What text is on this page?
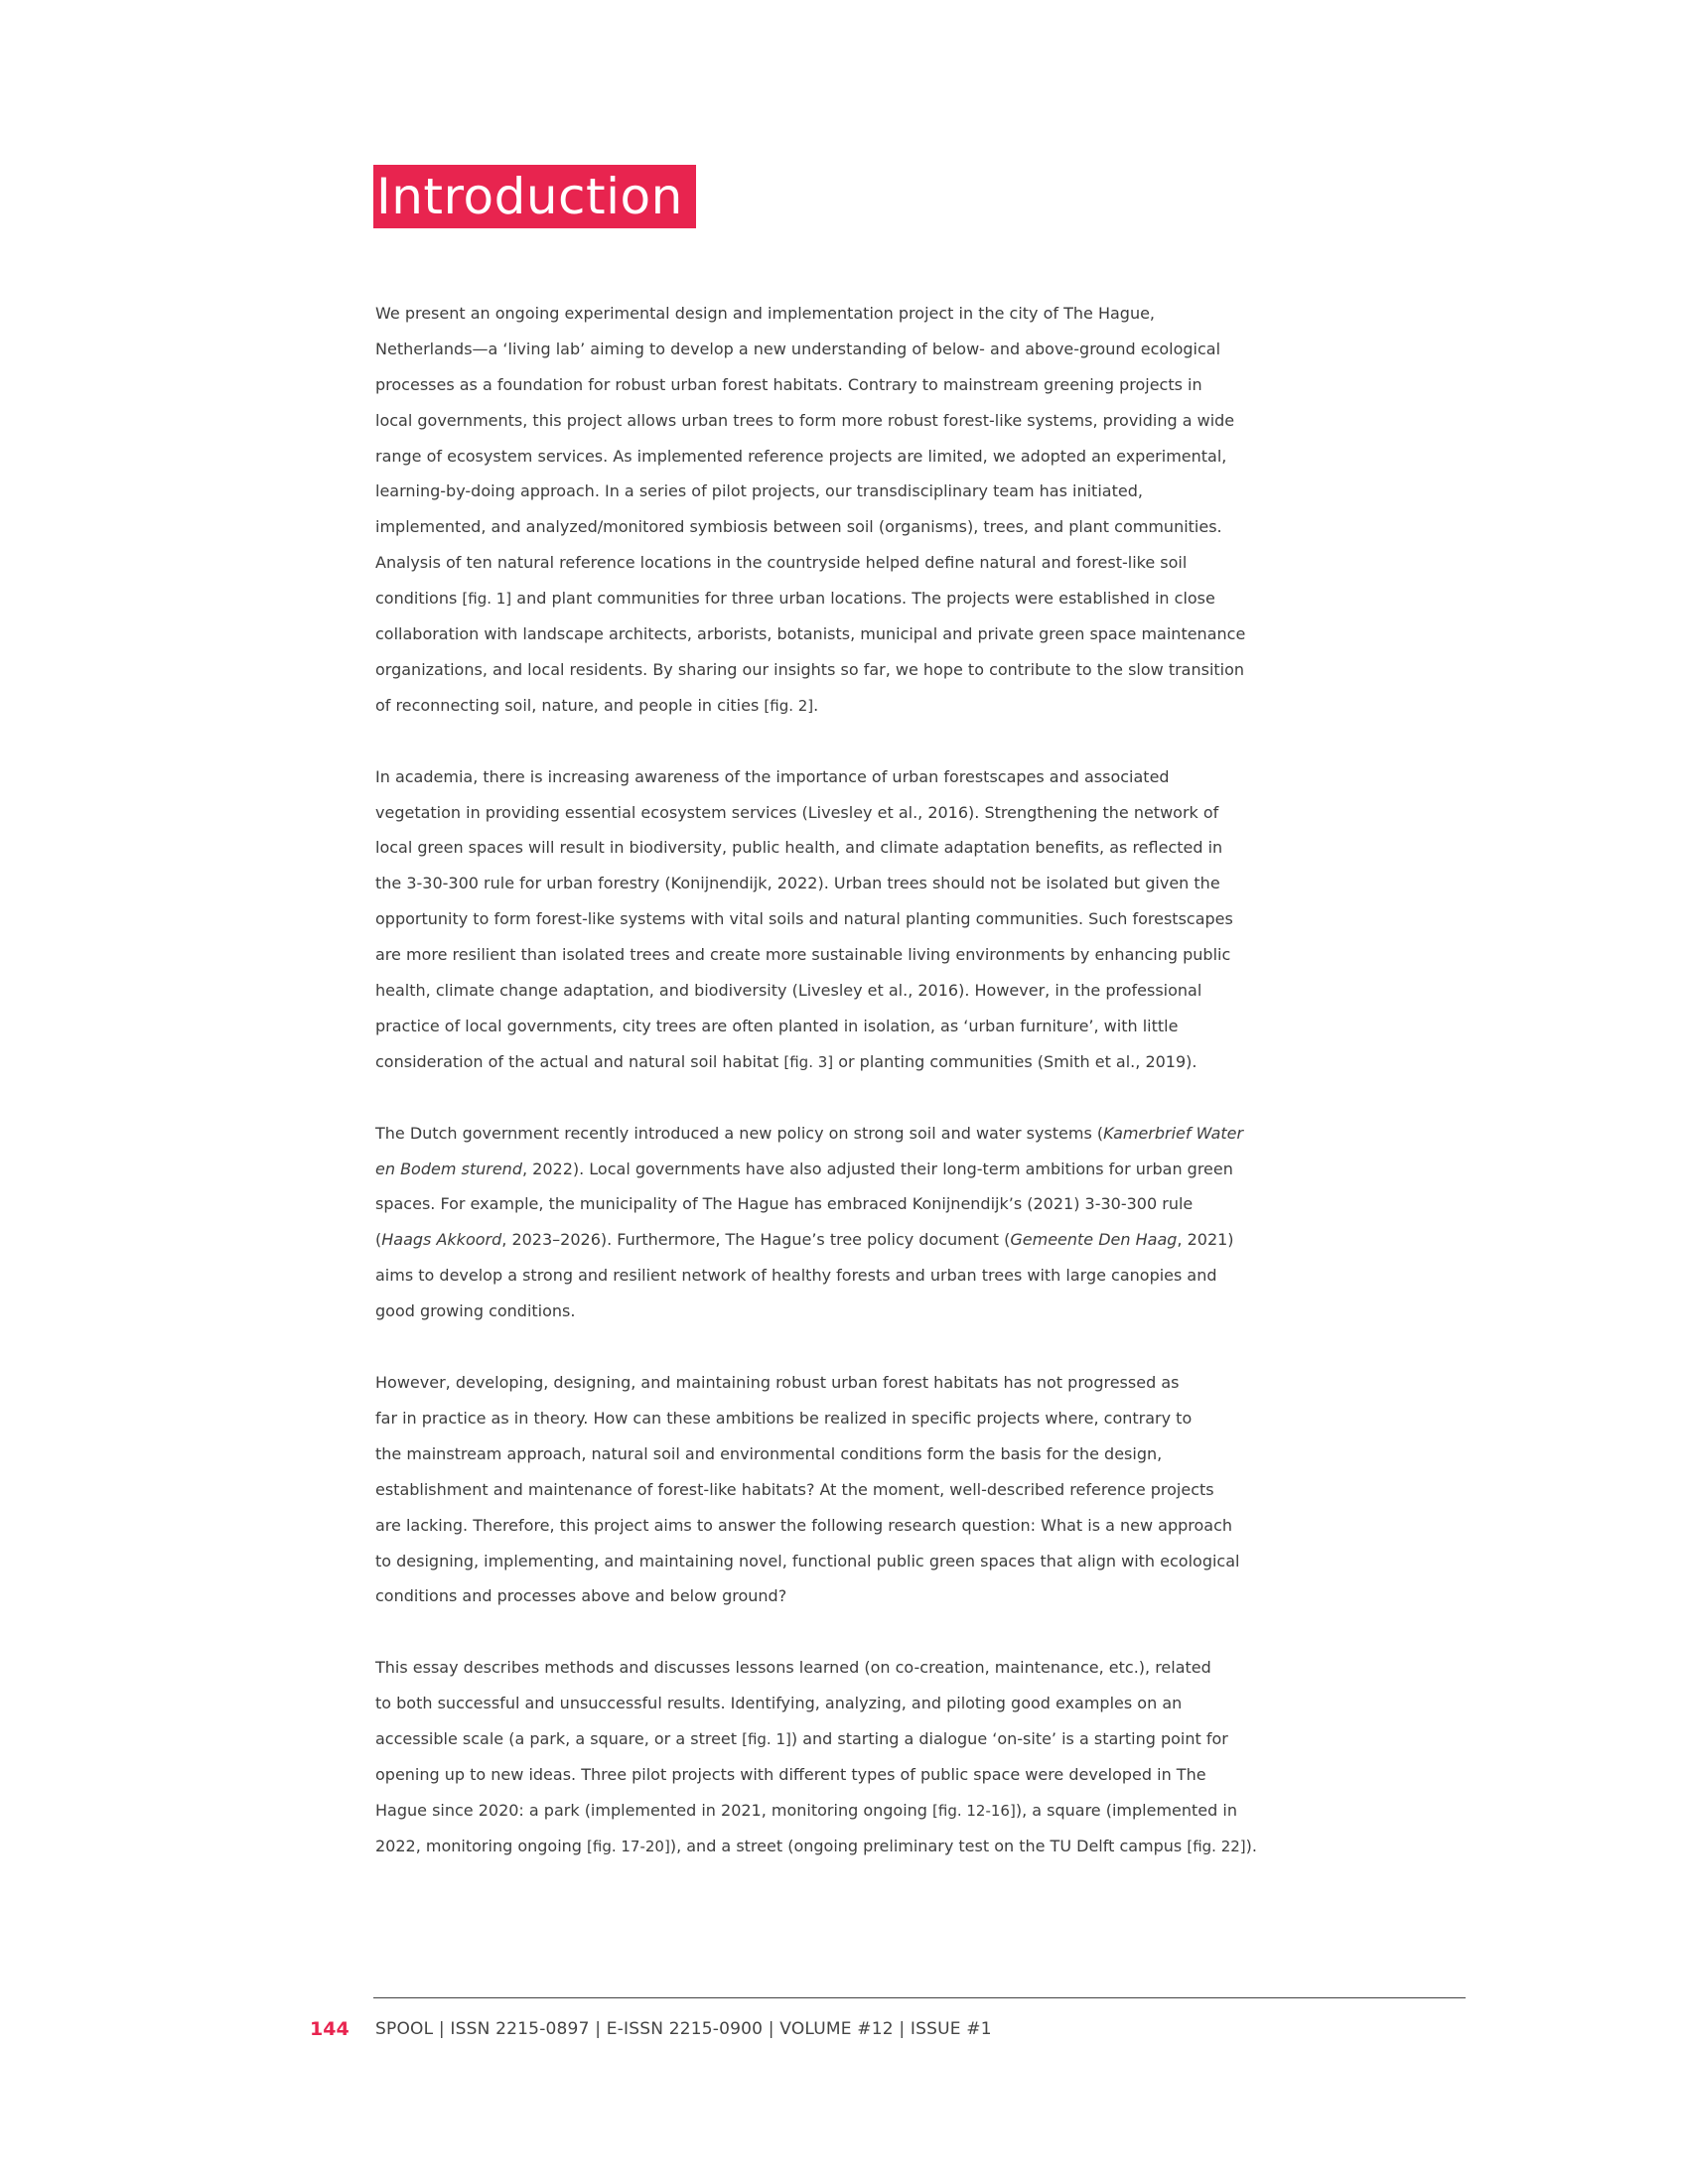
Introduction
We present an ongoing experimental design and implementation project in the city of The Hague,
Netherlands—a ‘living lab’ aiming to develop a new understanding of below- and above-ground ecological
processes as a foundation for robust urban forest habitats. Contrary to mainstream greening projects in
local governments, this project allows urban trees to form more robust forest-like systems, providing a wide
range of ecosystem services. As implemented reference projects are limited, we adopted an experimental,
learning-by-doing approach. In a series of pilot projects, our transdisciplinary team has initiated,
implemented, and analyzed/monitored symbiosis between soil (organisms), trees, and plant communities.
Analysis of ten natural reference locations in the countryside helped define natural and forest-like soil
conditions [fig. 1] and plant communities for three urban locations. The projects were established in close
collaboration with landscape architects, arborists, botanists, municipal and private green space maintenance
organizations, and local residents. By sharing our insights so far, we hope to contribute to the slow transition
of reconnecting soil, nature, and people in cities [fig. 2].
In academia, there is increasing awareness of the importance of urban forestscapes and associated
vegetation in providing essential ecosystem services (Livesley et al., 2016). Strengthening the network of
local green spaces will result in biodiversity, public health, and climate adaptation benefits, as reflected in
the 3-30-300 rule for urban forestry (Konijnendijk, 2022). Urban trees should not be isolated but given the
opportunity to form forest-like systems with vital soils and natural planting communities. Such forestscapes
are more resilient than isolated trees and create more sustainable living environments by enhancing public
health, climate change adaptation, and biodiversity (Livesley et al., 2016). However, in the professional
practice of local governments, city trees are often planted in isolation, as ‘urban furniture’, with little
consideration of the actual and natural soil habitat [fig. 3] or planting communities (Smith et al., 2019).
The Dutch government recently introduced a new policy on strong soil and water systems (Kamerbrief Water
en Bodem sturend, 2022). Local governments have also adjusted their long-term ambitions for urban green
spaces. For example, the municipality of The Hague has embraced Konijnendijk’s (2021) 3-30-300 rule
(Haags Akkoord, 2023–2026). Furthermore, The Hague’s tree policy document (Gemeente Den Haag, 2021)
aims to develop a strong and resilient network of healthy forests and urban trees with large canopies and
good growing conditions.
However, developing, designing, and maintaining robust urban forest habitats has not progressed as
far in practice as in theory. How can these ambitions be realized in specific projects where, contrary to
the mainstream approach, natural soil and environmental conditions form the basis for the design,
establishment and maintenance of forest-like habitats? At the moment, well-described reference projects
are lacking. Therefore, this project aims to answer the following research question: What is a new approach
to designing, implementing, and maintaining novel, functional public green spaces that align with ecological
conditions and processes above and below ground?
This essay describes methods and discusses lessons learned (on co-creation, maintenance, etc.), related
to both successful and unsuccessful results. Identifying, analyzing, and piloting good examples on an
accessible scale (a park, a square, or a street [fig. 1]) and starting a dialogue ‘on-site’ is a starting point for
opening up to new ideas. Three pilot projects with different types of public space were developed in The
Hague since 2020: a park (implemented in 2021, monitoring ongoing [fig. 12-16]), a square (implemented in
2022, monitoring ongoing [fig. 17-20]), and a street (ongoing preliminary test on the TU Delft campus [fig. 22]).
144 SPOOL | ISSN 2215-0897 | E-ISSN 2215-0900 | VOLUME #12 | ISSUE #1
